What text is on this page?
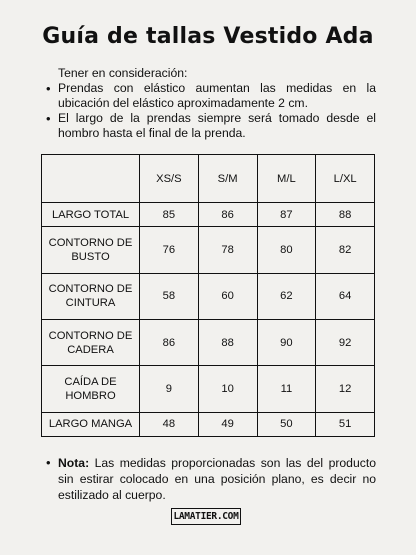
Guía de tallas Vestido Ada

Tener en consideración:

• Prendas con elástico aumentan las medidas en la ubicación del elástico aproximadamente 2 cm.
• El largo de la prendas siempre será tomado desde el hombro hasta el final de la prenda.
	XS/S	S/M	M/L	L/XL
LARGO TOTAL	85	86	87	88
CONTORNO DE BUSTO	76	78	80	82
CONTORNO DE CINTURA	58	60	62	64
CONTORNO DE CADERA	86	88	90	92
CAÍDA DE HOMBRO	9	10	11	12
LARGO MANGA	48	49	50	51
• Nota: Las medidas proporcionadas son las del producto sin estirar colocado en una posición plano, es decir no estilizado al cuerpo.
LAMATIER.COM
